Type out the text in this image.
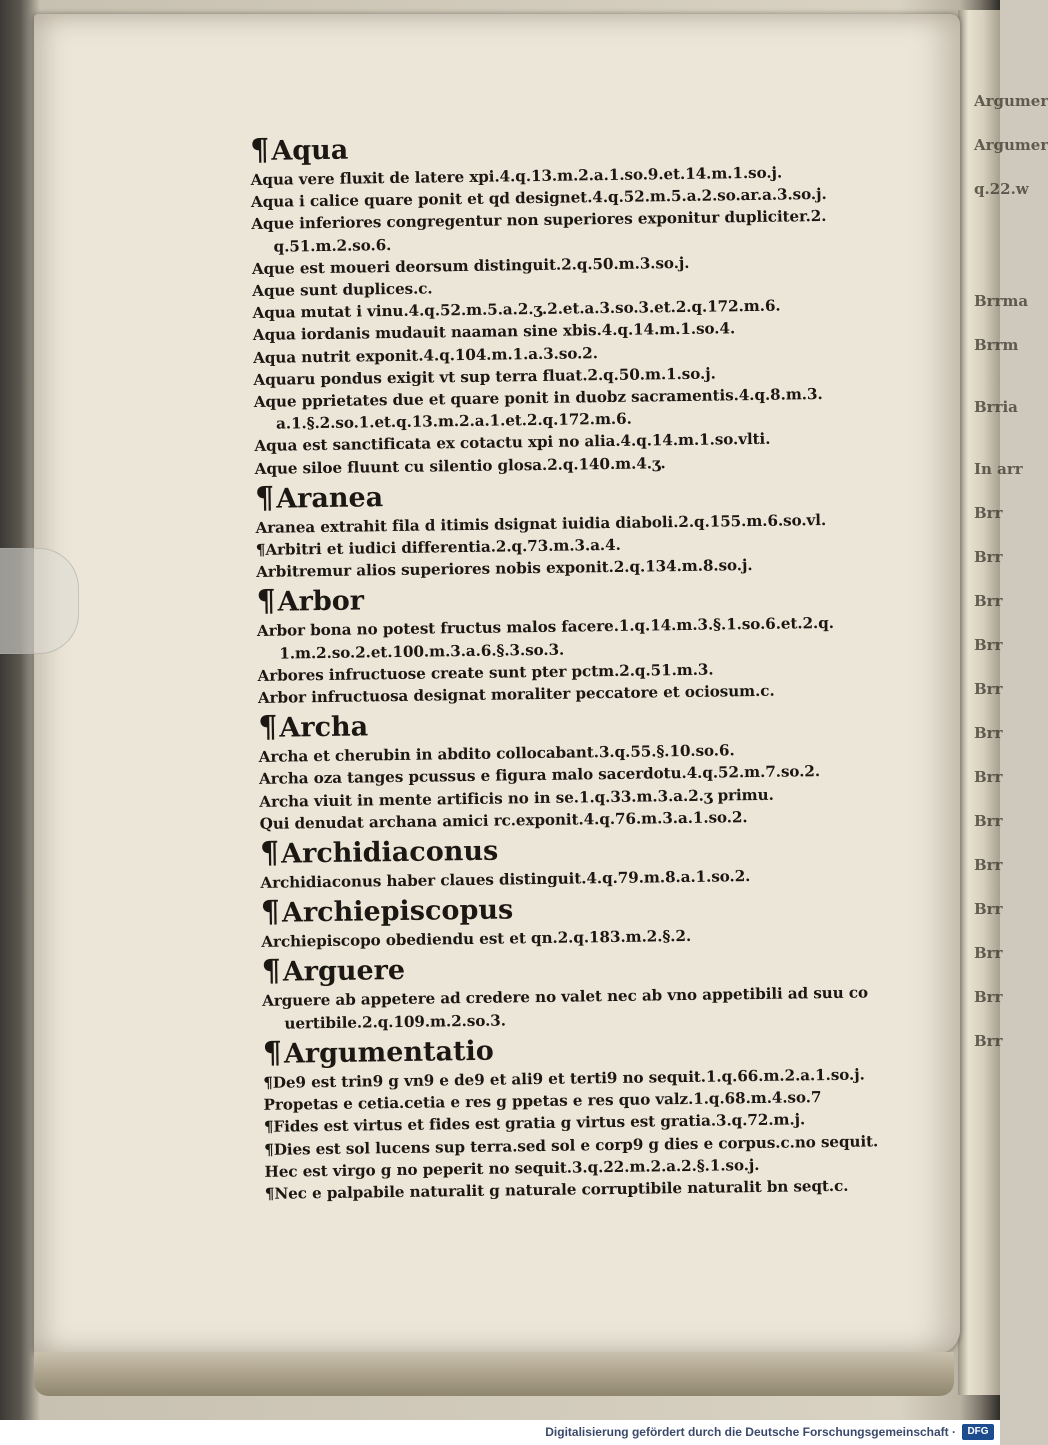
Argumer
Argumer
q.22.w
Brrma
Brrm
Brria
In arr
Brr
Brr
Brr
Brr
Brr
Brr
Brr
Brr
Brr
Brr
Brr
Brr
Brr
¶Aqua
Aqua vere fluxit de latere xpi.4.q.13.m.2.a.1.so.9.et.14.m.1.so.j.
Aqua i calice quare ponit et qd designet.4.q.52.m.5.a.2.so.ar.a.3.so.j.
Aque inferiores congregentur non superiores exponitur dupliciter.2.
q.51.m.2.so.6.
Aque est moueri deorsum distinguit.2.q.50.m.3.so.j.
Aque sunt duplices.c.
Aqua mutat i vinu.4.q.52.m.5.a.2.ʒ.2.et.a.3.so.3.et.2.q.172.m.6.
Aqua iordanis mudauit naaman sine xbis.4.q.14.m.1.so.4.
Aqua nutrit exponit.4.q.104.m.1.a.3.so.2.
Aquaru pondus exigit vt sup terra fluat.2.q.50.m.1.so.j.
Aque pprietates due et quare ponit in duobz sacramentis.4.q.8.m.3.
a.1.§.2.so.1.et.q.13.m.2.a.1.et.2.q.172.m.6.
Aqua est sanctificata ex cotactu xpi no alia.4.q.14.m.1.so.vlti.
Aque siloe fluunt cu silentio glosa.2.q.140.m.4.ʒ.
¶Aranea
Aranea extrahit fila d itimis dsignat iuidia diaboli.2.q.155.m.6.so.vl.
¶Arbitri et iudici differentia.2.q.73.m.3.a.4.
Arbitremur alios superiores nobis exponit.2.q.134.m.8.so.j.
¶Arbor
Arbor bona no potest fructus malos facere.1.q.14.m.3.§.1.so.6.et.2.q.
1.m.2.so.2.et.100.m.3.a.6.§.3.so.3.
Arbores infructuose create sunt pter pctm.2.q.51.m.3.
Arbor infructuosa designat moraliter peccatore et ociosum.c.
¶Archa
Archa et cherubin in abdito collocabant.3.q.55.§.10.so.6.
Archa oza tanges pcussus e figura malo sacerdotu.4.q.52.m.7.so.2.
Archa viuit in mente artificis no in se.1.q.33.m.3.a.2.ʒ primu.
Qui denudat archana amici rc.exponit.4.q.76.m.3.a.1.so.2.
¶Archidiaconus
Archidiaconus haber claues distinguit.4.q.79.m.8.a.1.so.2.
¶Archiepiscopus
Archiepiscopo obediendu est et qn.2.q.183.m.2.§.2.
¶Arguere
Arguere ab appetere ad credere no valet nec ab vno appetibili ad suu co
uertibile.2.q.109.m.2.so.3.
¶Argumentatio
¶De9 est trin9 g vn9 e de9 et ali9 et terti9 no sequit.1.q.66.m.2.a.1.so.j.
Propetas e cetia.cetia e res g ppetas e res quo valz.1.q.68.m.4.so.7
¶Fides est virtus et fides est gratia g virtus est gratia.3.q.72.m.j.
¶Dies est sol lucens sup terra.sed sol e corp9 g dies e corpus.c.no sequit.
Hec est virgo g no peperit no sequit.3.q.22.m.2.a.2.§.1.so.j.
¶Nec e palpabile naturalit g naturale corruptibile naturalit bn seqt.c.
Digitalisierung gefördert durch die Deutsche Forschungsgemeinschaft ·	DFG
